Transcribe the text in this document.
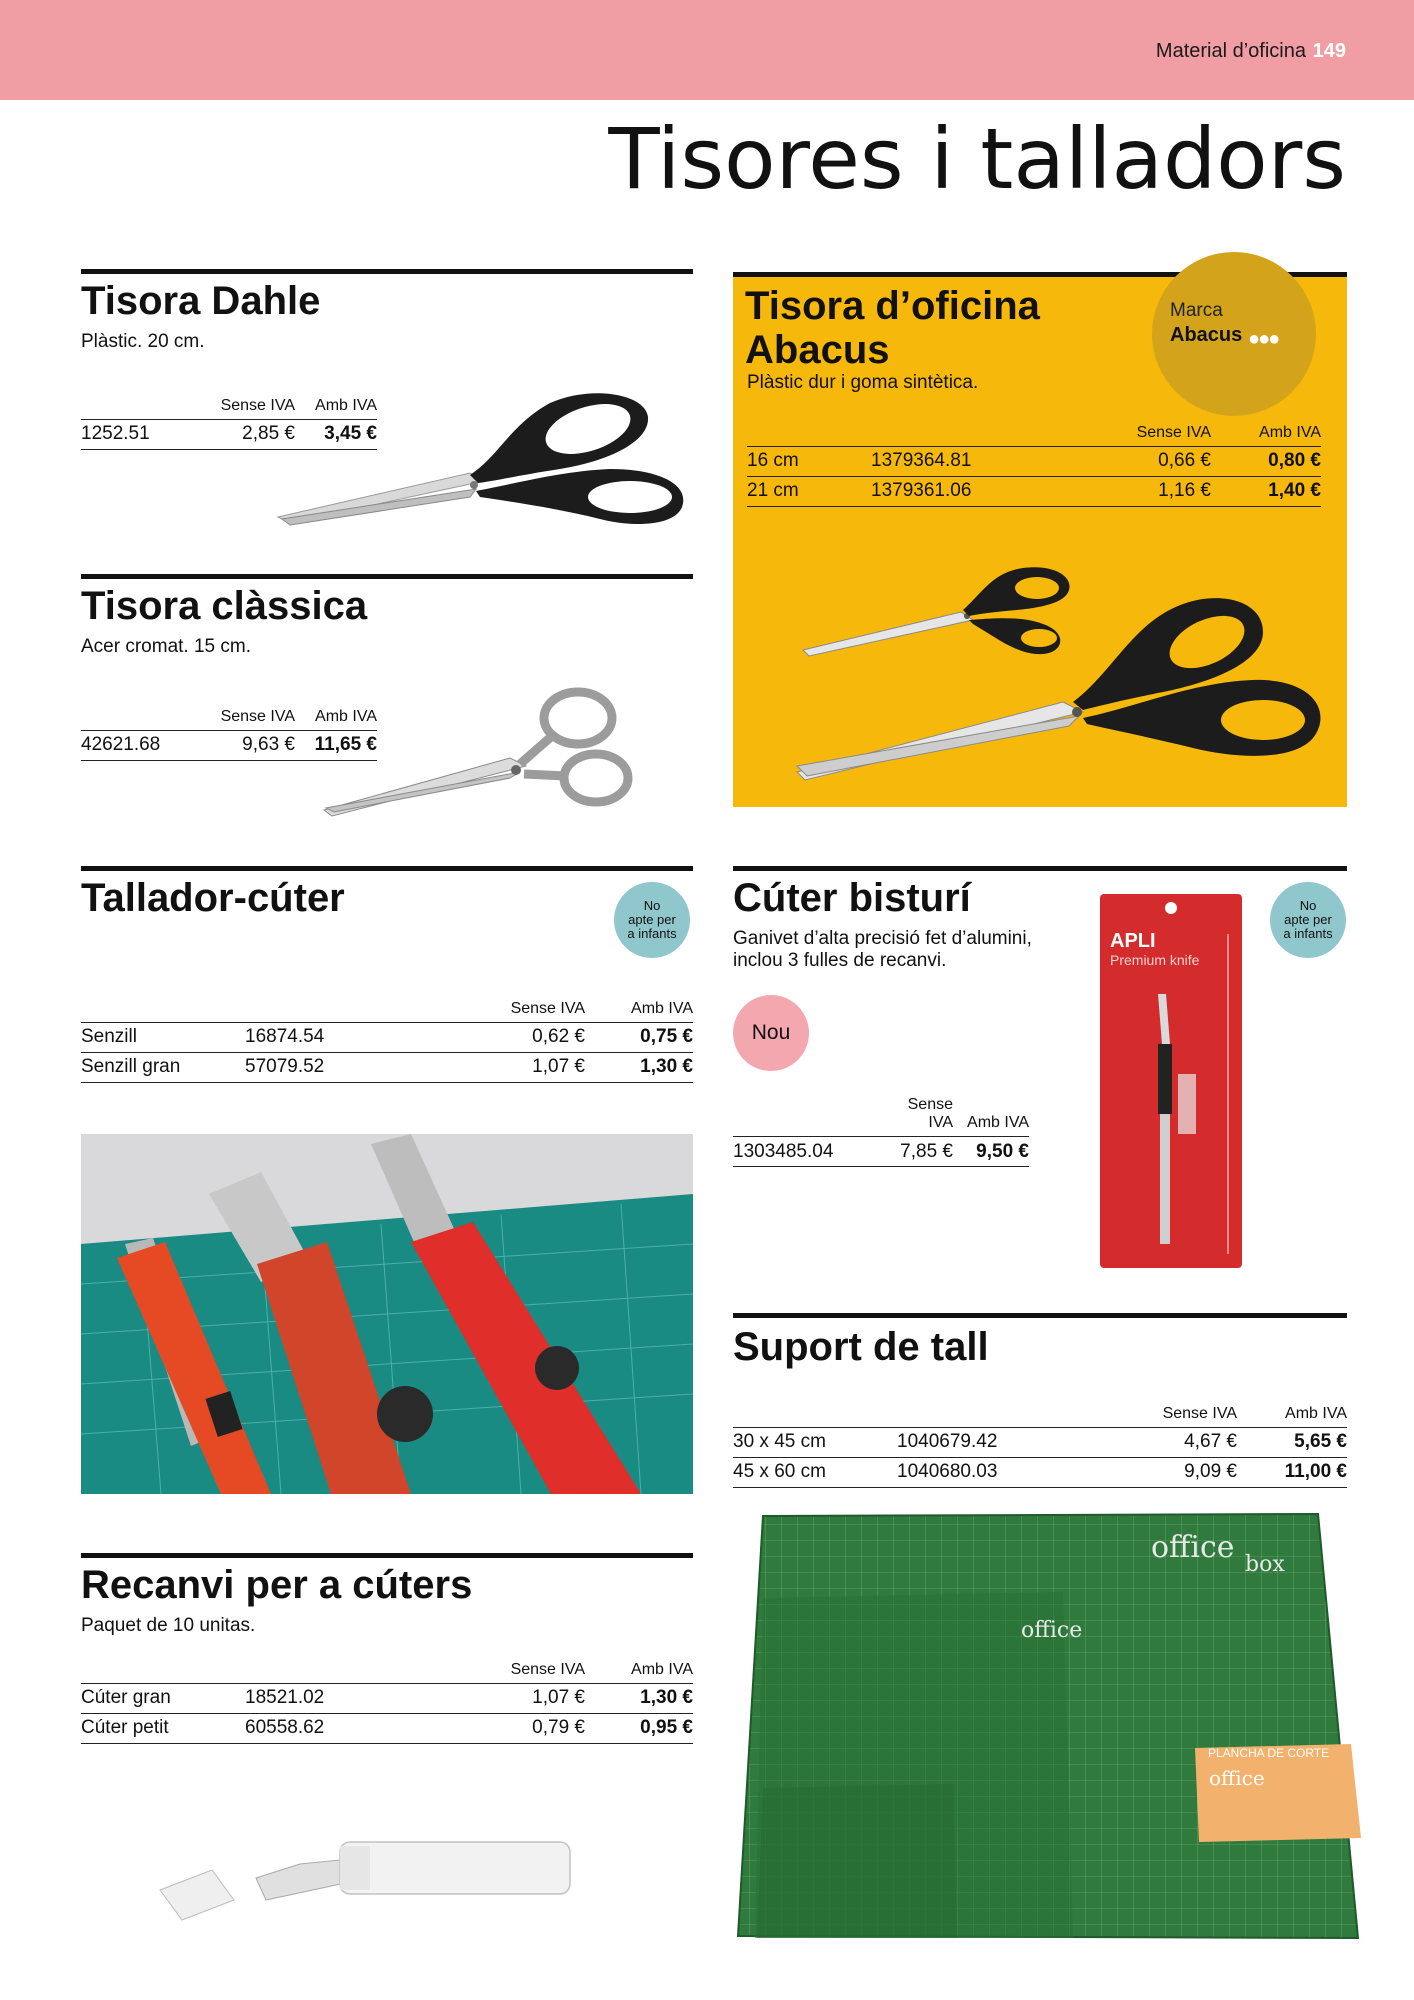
Material d’oficina 149
Tisores i talladors
Tisora Dahle
Plàstic. 20 cm.
	Sense IVA	Amb IVA
1252.51	2,85 €	3,45 €
Tisora clàssica
Acer cromat. 15 cm.
	Sense IVA	Amb IVA
42621.68	9,63 €	11,65 €
Tisora d’oficina
Abacus
Plàstic dur i goma sintètica.
		Sense IVA	Amb IVA
16 cm	1379364.81	0,66 €	0,80 €
21 cm	1379361.06	1,16 €	1,40 €
Marca
Abacus ●●●
Tallador-cúter
		Sense IVA	Amb IVA
Senzill	16874.54	0,62 €	0,75 €
Senzill gran	57079.52	1,07 €	1,30 €
No
apte per
a infants
Cúter bisturí
Ganivet d’alta precisió fet d’alumini,
inclou 3 fulles de recanvi.
	Sense IVA	Amb IVA
1303485.04	7,85 €	9,50 €
Nou
No
apte per
a infants
APLI
Premium knife
Suport de tall
		Sense IVA	Amb IVA
30 x 45 cm	1040679.42	4,67 €	5,65 €
45 x 60 cm	1040680.03	9,09 €	11,00 €
office box
office
PLANCHA DE CORTE
office
Recanvi per a cúters
Paquet de 10 unitas.
		Sense IVA	Amb IVA
Cúter gran	18521.02	1,07 €	1,30 €
Cúter petit	60558.62	0,79 €	0,95 €
